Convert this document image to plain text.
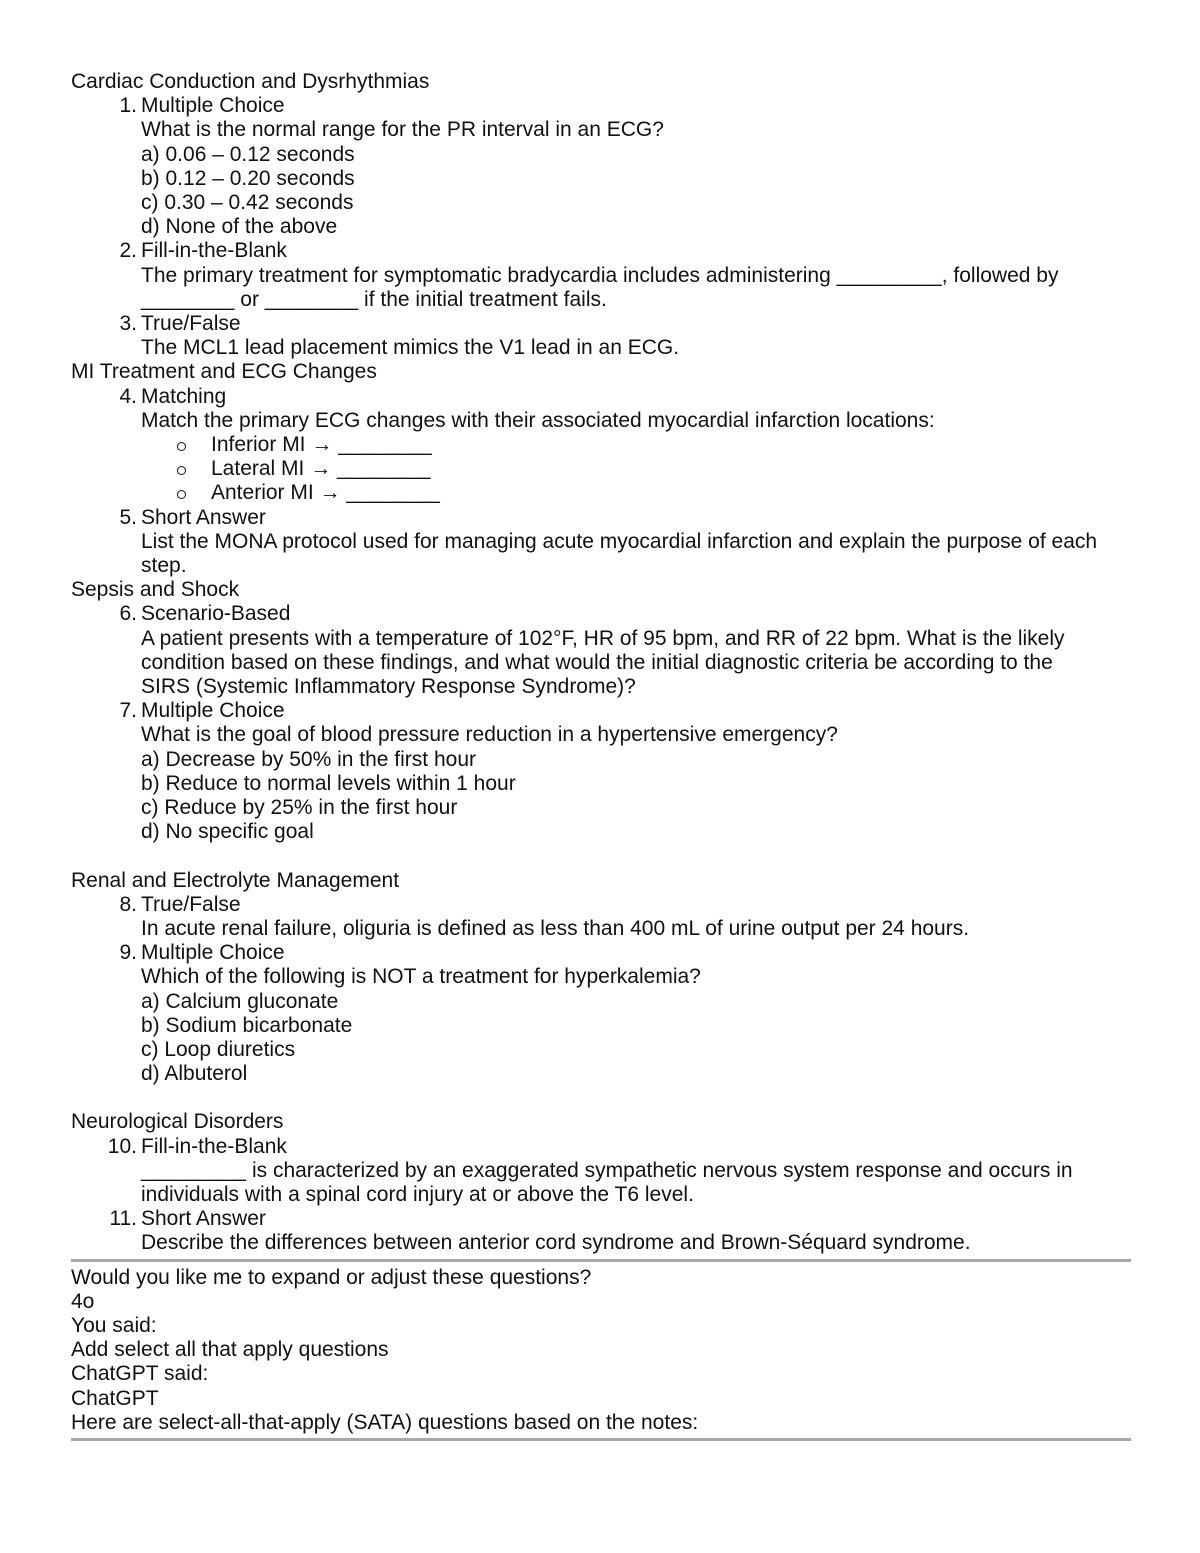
Cardiac Conduction and Dysrhythmias
1. Multiple Choice
What is the normal range for the PR interval in an ECG?
a) 0.06 – 0.12 seconds
b) 0.12 – 0.20 seconds
c) 0.30 – 0.42 seconds
d) None of the above
2. Fill-in-the-Blank
The primary treatment for symptomatic bradycardia includes administering _________, followed by
________ or ________ if the initial treatment fails.
3. True/False
The MCL1 lead placement mimics the V1 lead in an ECG.
MI Treatment and ECG Changes
4. Matching
Match the primary ECG changes with their associated myocardial infarction locations:
Inferior MI → ________
Lateral MI → ________
Anterior MI → ________
5. Short Answer
List the MONA protocol used for managing acute myocardial infarction and explain the purpose of each
step.
Sepsis and Shock
6. Scenario-Based
A patient presents with a temperature of 102°F, HR of 95 bpm, and RR of 22 bpm. What is the likely
condition based on these findings, and what would the initial diagnostic criteria be according to the
SIRS (Systemic Inflammatory Response Syndrome)?
7. Multiple Choice
What is the goal of blood pressure reduction in a hypertensive emergency?
a) Decrease by 50% in the first hour
b) Reduce to normal levels within 1 hour
c) Reduce by 25% in the first hour
d) No specific goal
Renal and Electrolyte Management
8. True/False
In acute renal failure, oliguria is defined as less than 400 mL of urine output per 24 hours.
9. Multiple Choice
Which of the following is NOT a treatment for hyperkalemia?
a) Calcium gluconate
b) Sodium bicarbonate
c) Loop diuretics
d) Albuterol
Neurological Disorders
10. Fill-in-the-Blank
_________ is characterized by an exaggerated sympathetic nervous system response and occurs in
individuals with a spinal cord injury at or above the T6 level.
11. Short Answer
Describe the differences between anterior cord syndrome and Brown-Séquard syndrome.
Would you like me to expand or adjust these questions?
4o
You said:
Add select all that apply questions
ChatGPT said:
ChatGPT
Here are select-all-that-apply (SATA) questions based on the notes:
